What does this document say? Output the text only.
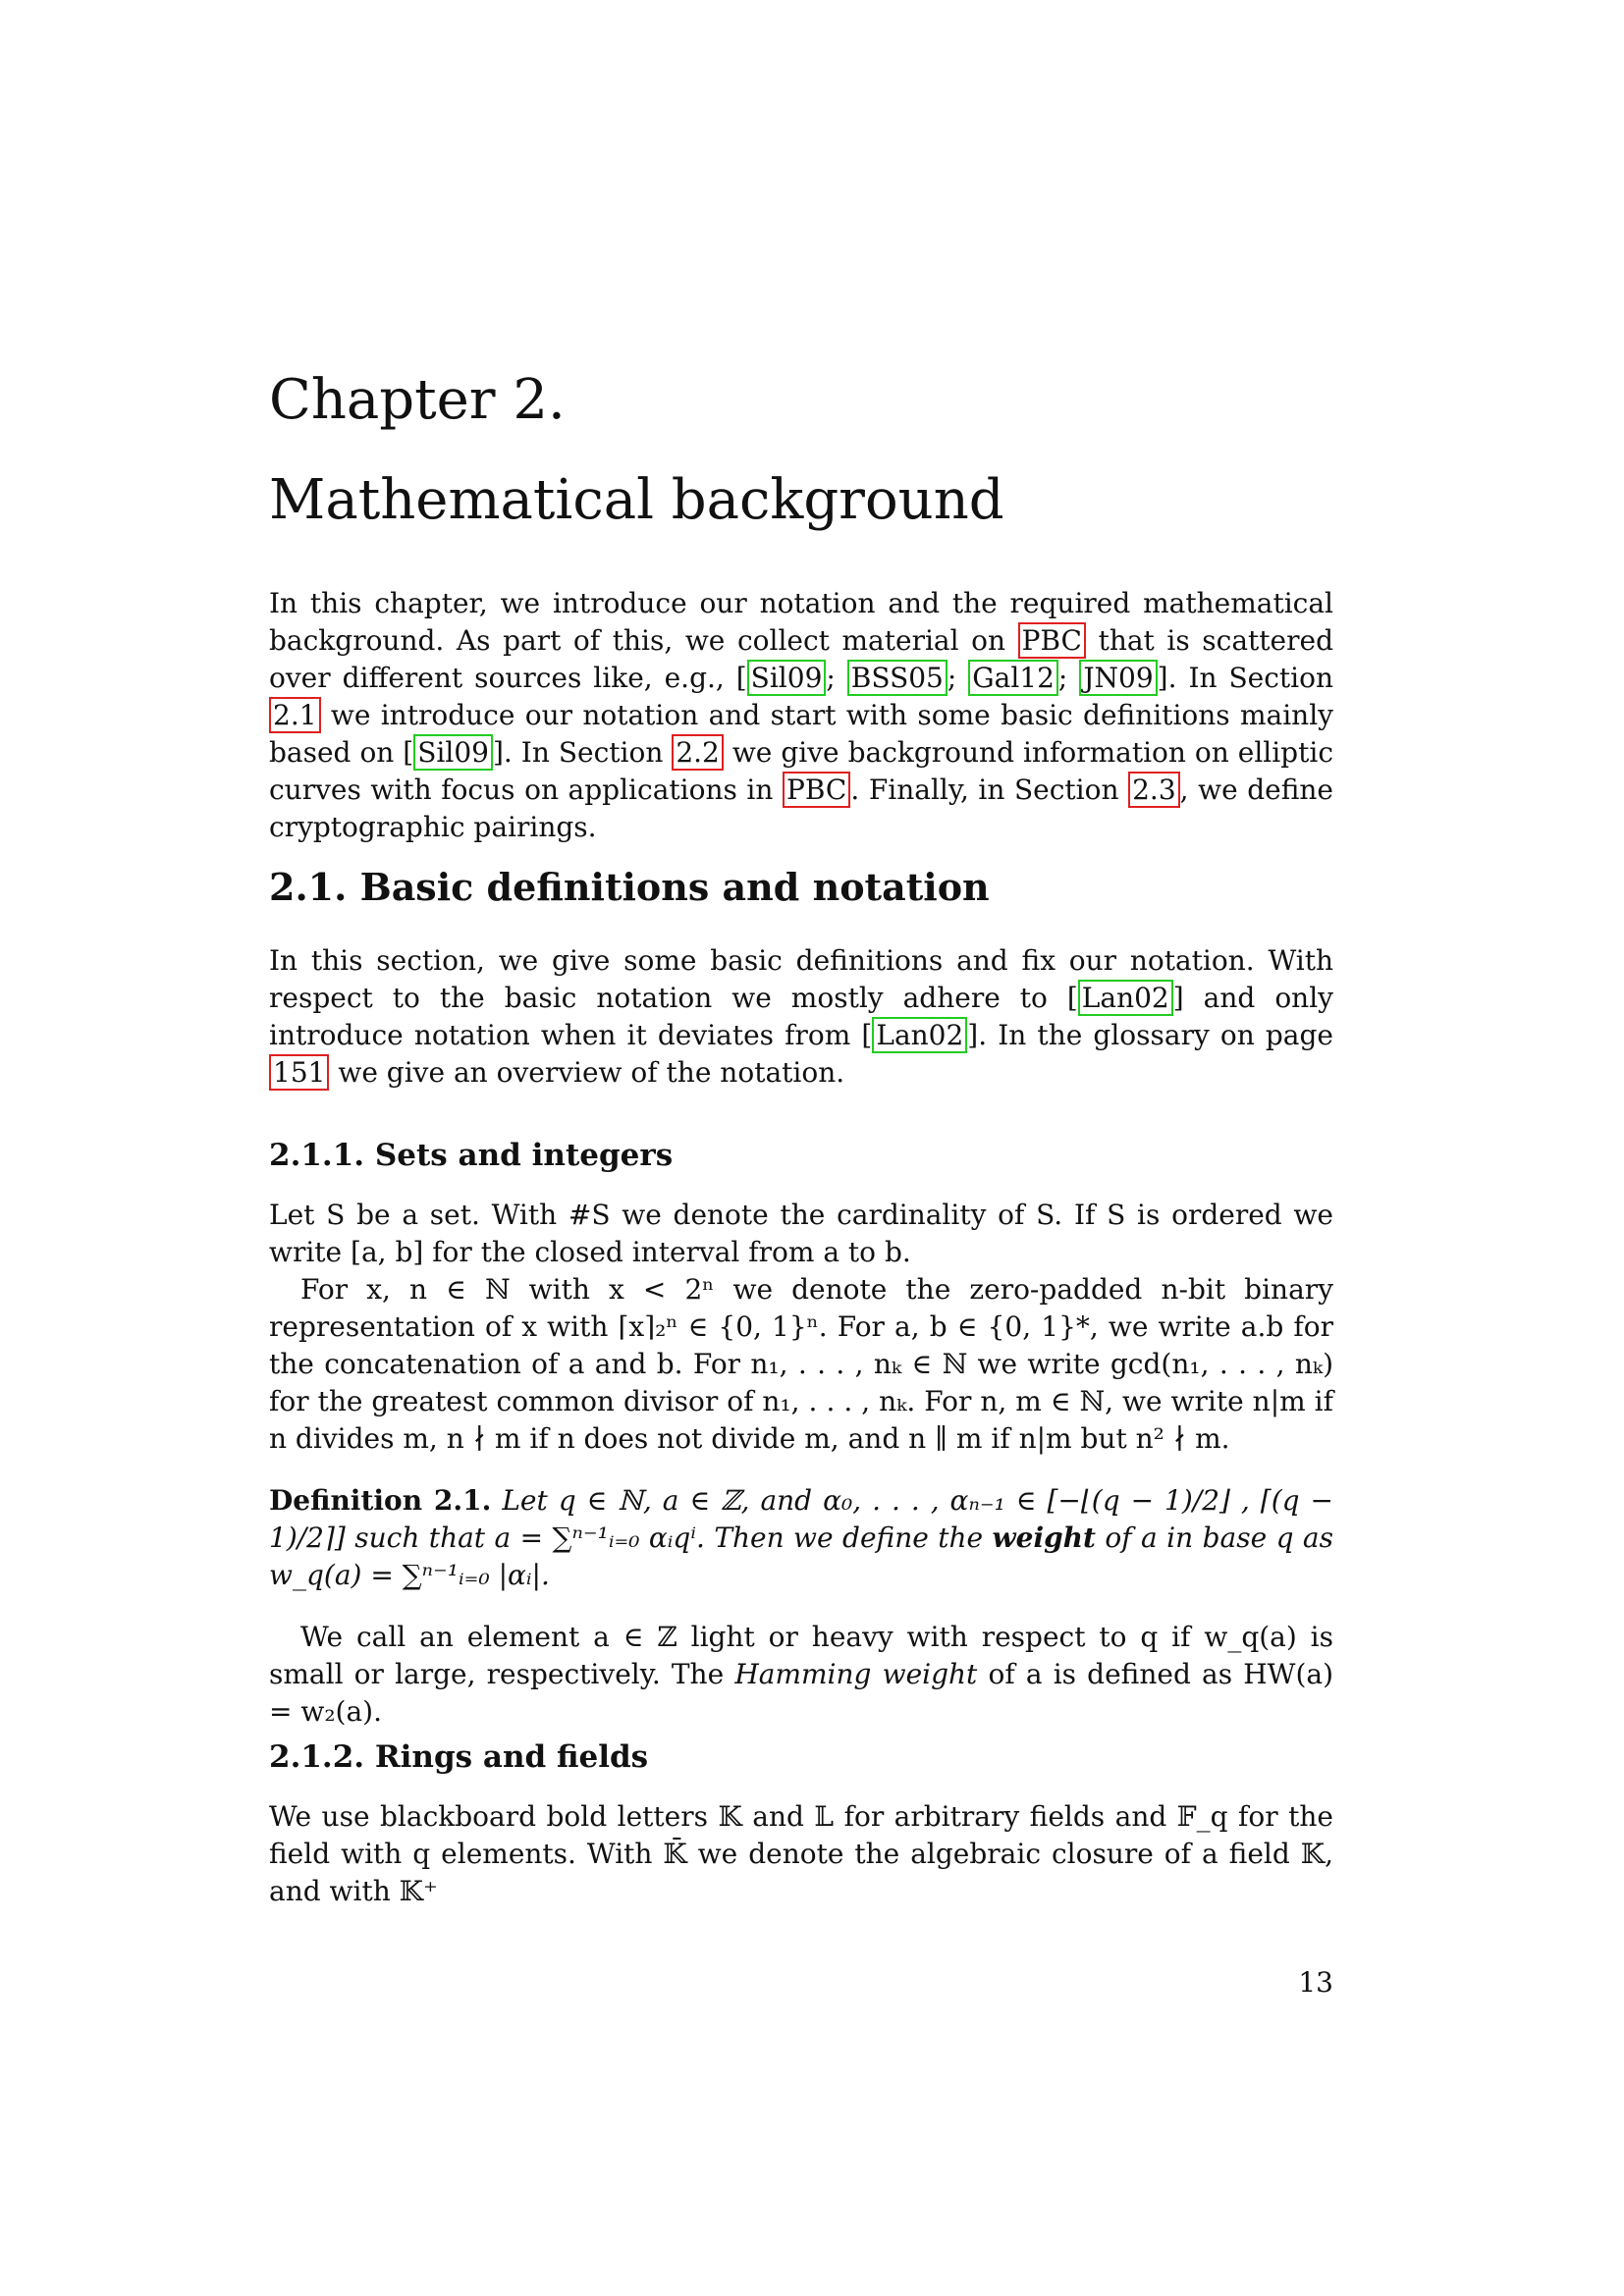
Chapter 2.
Mathematical background

In this chapter, we introduce our notation and the required mathematical background. As part of this, we collect material on PBC that is scattered over different sources like, e.g., [ Sil09 ; BSS05 ; Gal12 ; JN09 ]. In Section 2.1 we introduce our notation and start with some basic definitions mainly based on [ Sil09 ]. In Section 2.2 we give background information on elliptic curves with focus on applications in PBC . Finally, in Section 2.3 , we define cryptographic pairings.

2.1. Basic definitions and notation

In this section, we give some basic definitions and fix our notation. With respect to the basic notation we mostly adhere to [ Lan02 ] and only introduce notation when it deviates from [ Lan02 ]. In the glossary on page 151 we give an overview of the notation.

2.1.1. Sets and integers

Let S be a set. With #S we denote the cardinality of S. If S is ordered we write [a, b] for the closed interval from a to b.

For x, n ∈ ℕ with x < 2ⁿ we denote the zero-padded n-bit binary representation of x with ⌈x⌉₂ⁿ ∈ {0, 1}ⁿ. For a, b ∈ {0, 1}*, we write a.b for the concatenation of a and b. For n₁, . . . , nₖ ∈ ℕ we write gcd(n₁, . . . , nₖ) for the greatest common divisor of n₁, . . . , nₖ. For n, m ∈ ℕ, we write n|m if n divides m, n ∤ m if n does not divide m, and n ∥ m if n|m but n² ∤ m.

Definition 2.1. Let q ∈ ℕ, a ∈ ℤ, and α₀, . . . , αₙ₋₁ ∈ [−⌊(q − 1)/2⌋ , ⌈(q − 1)/2⌉] such that a = ∑ⁿ⁻¹ᵢ₌₀ αᵢqⁱ. Then we define the weight of a in base q as w_q(a) = ∑ⁿ⁻¹ᵢ₌₀ |αᵢ|.

We call an element a ∈ ℤ light or heavy with respect to q if w_q(a) is small or large, respectively. The Hamming weight of a is defined as HW(a) = w₂(a).

2.1.2. Rings and fields

We use blackboard bold letters 𝕂 and 𝕃 for arbitrary fields and 𝔽_q for the field with q elements. With 𝕂̄ we denote the algebraic closure of a field 𝕂, and with 𝕂⁺

13
